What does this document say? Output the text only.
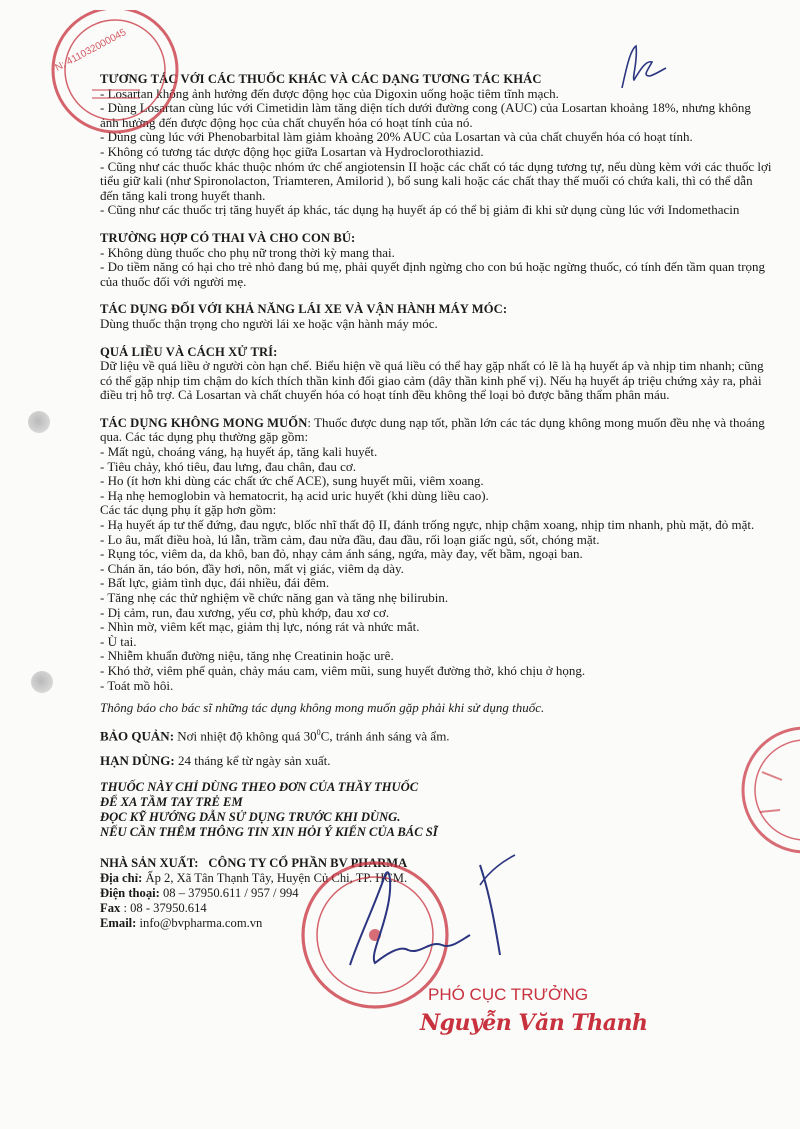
TƯƠNG TÁC VỚI CÁC THUỐC KHÁC VÀ CÁC DẠNG TƯƠNG TÁC KHÁC
- Losartan không ảnh hưởng đến được động học của Digoxin uống hoặc tiêm tĩnh mạch.
- Dùng Losartan cùng lúc với Cimetidin làm tăng diện tích dưới đường cong (AUC) của Losartan khoảng 18%, nhưng không ảnh hưởng đến được động học của chất chuyển hóa có hoạt tính của nó.
- Dùng cùng lúc với Phenobarbital làm giảm khoảng 20% AUC của Losartan và của chất chuyển hóa có hoạt tính.
- Không có tương tác dược động học giữa Losartan và Hydroclorothiazid.
- Cũng như các thuốc khác thuộc nhóm ức chế angiotensin II hoặc các chất có tác dụng tương tự, nếu dùng kèm với các thuốc lợi tiểu giữ kali (như Spironolacton, Triamteren, Amilorid ), bổ sung kali hoặc các chất thay thế muối có chứa kali, thì có thể dẫn đến tăng kali trong huyết thanh.
- Cũng như các thuốc trị tăng huyết áp khác, tác dụng hạ huyết áp có thể bị giảm đi khi sử dụng cùng lúc với Indomethacin
TRƯỜNG HỢP CÓ THAI VÀ CHO CON BÚ:
- Không dùng thuốc cho phụ nữ trong thời kỳ mang thai.
- Do tiềm năng có hại cho trẻ nhỏ đang bú mẹ, phải quyết định ngừng cho con bú hoặc ngừng thuốc, có tính đến tầm quan trọng của thuốc đối với người mẹ.
TÁC DỤNG ĐỐI VỚI KHẢ NĂNG LÁI XE VÀ VẬN HÀNH MÁY MÓC:
Dùng thuốc thận trọng cho người lái xe hoặc vận hành máy móc.
QUÁ LIỀU VÀ CÁCH XỬ TRÍ:
Dữ liệu về quá liều ở người còn hạn chế. Biểu hiện về quá liều có thể hay gặp nhất có lẽ là hạ huyết áp và nhịp tim nhanh; cũng có thể gặp nhịp tim chậm do kích thích thần kinh đối giao cảm (dây thần kinh phế vị). Nếu hạ huyết áp triệu chứng xảy ra, phải điều trị hỗ trợ. Cả Losartan và chất chuyển hóa có hoạt tính đều không thể loại bỏ được bằng thẩm phân máu.
TÁC DỤNG KHÔNG MONG MUỐN: Thuốc được dung nạp tốt, phần lớn các tác dụng không mong muốn đều nhẹ và thoáng qua. Các tác dụng phụ thường gặp gồm:
- Mất ngủ, choáng váng, hạ huyết áp, tăng kali huyết.
- Tiêu chảy, khó tiêu, đau lưng, đau chân, đau cơ.
- Ho (ít hơn khi dùng các chất ức chế ACE), sung huyết mũi, viêm xoang.
- Hạ nhẹ hemoglobin và hematocrit, hạ acid uric huyết (khi dùng liều cao).
Các tác dụng phụ ít gặp hơn gồm:
- Hạ huyết áp tư thế đứng, đau ngực, blốc nhĩ thất độ II, đánh trống ngực, nhịp chậm xoang, nhịp tim nhanh, phù mặt, đỏ mặt.
- Lo âu, mất điều hoà, lú lẫn, trầm cảm, đau nửa đầu, đau đầu, rối loạn giấc ngủ, sốt, chóng mặt.
- Rụng tóc, viêm da, da khô, ban đỏ, nhạy cảm ánh sáng, ngứa, mày đay, vết bầm, ngoại ban.
- Chán ăn, táo bón, đầy hơi, nôn, mất vị giác, viêm dạ dày.
- Bất lực, giảm tình dục, đái nhiều, đái đêm.
- Tăng nhẹ các thử nghiệm về chức năng gan và tăng nhẹ bilirubin.
- Dị cảm, run, đau xương, yếu cơ, phù khớp, đau xơ cơ.
- Nhìn mờ, viêm kết mạc, giảm thị lực, nóng rát và nhức mắt.
- Ù tai.
- Nhiễm khuẩn đường niệu, tăng nhẹ Creatinin hoặc urê.
- Khó thở, viêm phế quản, chảy máu cam, viêm mũi, sung huyết đường thở, khó chịu ở họng.
- Toát mồ hôi.
Thông báo cho bác sĩ những tác dụng không mong muốn gặp phải khi sử dụng thuốc.
BẢO QUẢN: Nơi nhiệt độ không quá $30^0C$, tránh ánh sáng và ẩm.
HẠN DÙNG: 24 tháng kể từ ngày sản xuất.
THUỐC NÀY CHỈ DÙNG THEO ĐƠN CỦA THẦY THUỐC
ĐỂ XA TẦM TAY TRẺ EM
ĐỌC KỸ HƯỚNG DẪN SỬ DỤNG TRƯỚC KHI DÙNG.
NẾU CẦN THÊM THÔNG TIN XIN HỎI Ý KIẾN CỦA BÁC SĨ
NHÀ SẢN XUẤT: CÔNG TY CỔ PHẦN BV PHARMA
Địa chỉ: Ấp 2, Xã Tân Thạnh Tây, Huyện Củ Chi, TP. HCM.
Điện thoại: 08 – 37950.611 / 957 / 994
Fax : 08 - 37950.614
Email: info@bvpharma.com.vn
N: 411032000045
PHÓ CỤC TRƯỞNG
Nguyễn Văn Thanh
